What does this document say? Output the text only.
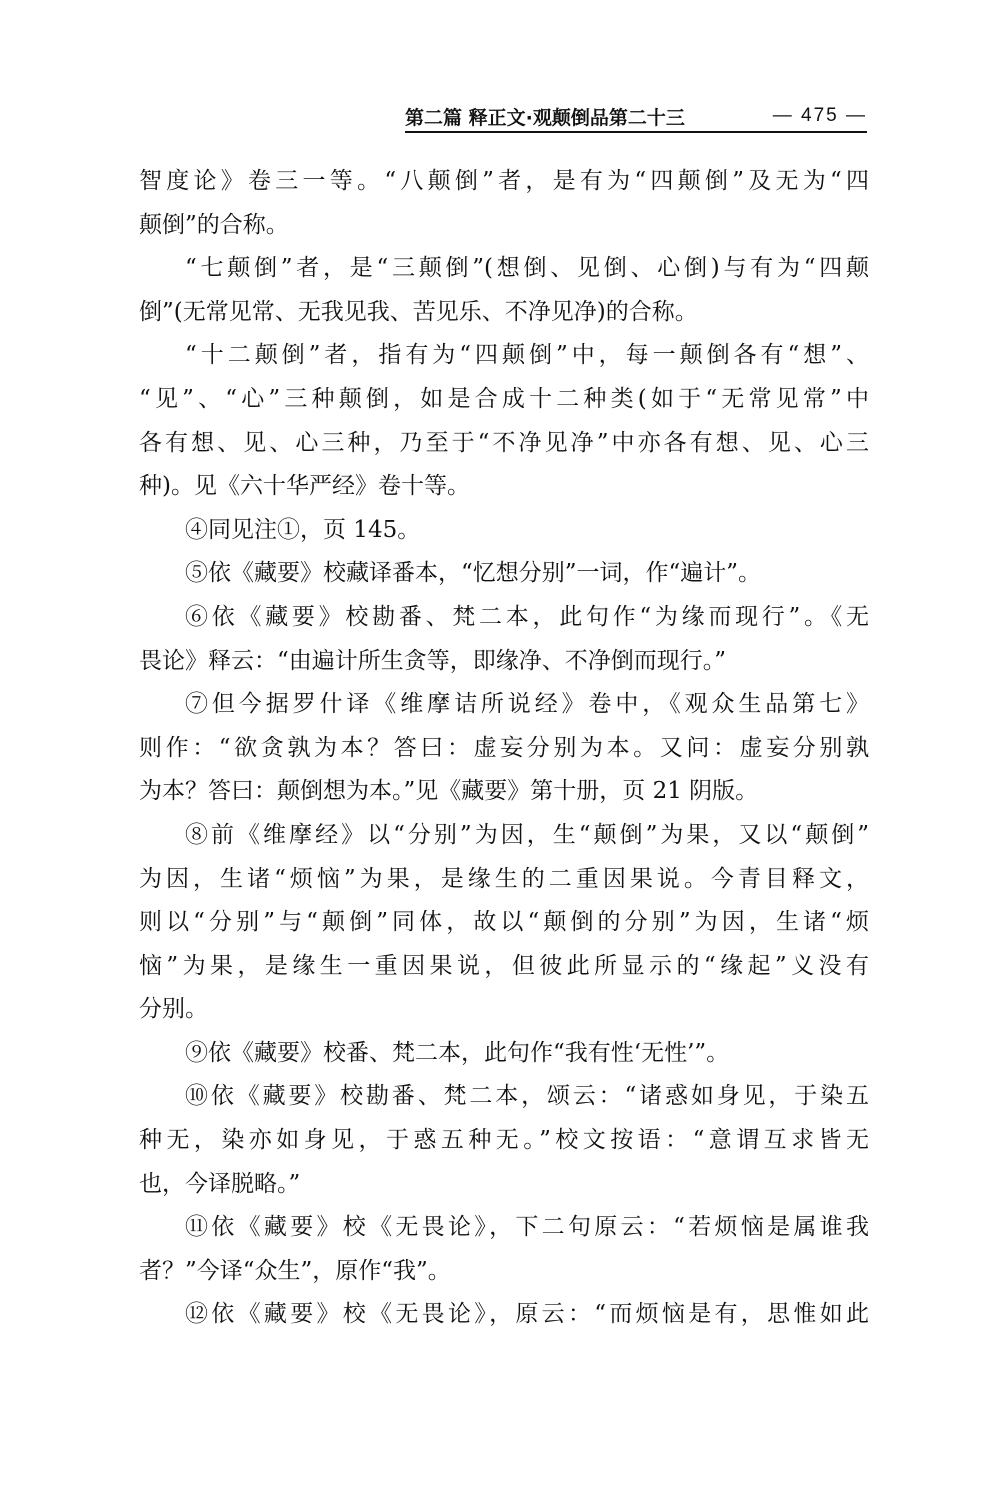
第二篇 释正文·观颠倒品第二十三	— 475 —
智度论》卷三一等。“八颠倒”者，是有为“四颠倒”及无为“四
颠倒”的合称。
“七颠倒”者，是“三颠倒”(想倒、见倒、心倒)与有为“四颠
倒”(无常见常、无我见我、苦见乐、不净见净)的合称。
“十二颠倒”者，指有为“四颠倒”中，每一颠倒各有“想”、
“见”、“心”三种颠倒，如是合成十二种类(如于“无常见常”中
各有想、见、心三种，乃至于“不净见净”中亦各有想、见、心三
种)。见《六十华严经》卷十等。
④同见注①，页 145。
⑤依《藏要》校藏译番本，“忆想分别”一词，作“遍计”。
⑥依《藏要》校勘番、梵二本，此句作“为缘而现行”。《无
畏论》释云：“由遍计所生贪等，即缘净、不净倒而现行。”
⑦但今据罗什译《维摩诘所说经》卷中，《观众生品第七》
则作：“欲贪孰为本？答曰：虚妄分别为本。又问：虚妄分别孰
为本？答曰：颠倒想为本。”见《藏要》第十册，页 21 阴版。
⑧前《维摩经》以“分别”为因，生“颠倒”为果，又以“颠倒”
为因，生诸“烦恼”为果，是缘生的二重因果说。今青目释文，
则以“分别”与“颠倒”同体，故以“颠倒的分别”为因，生诸“烦
恼”为果，是缘生一重因果说，但彼此所显示的“缘起”义没有
分别。
⑨依《藏要》校番、梵二本，此句作“我有性‘无性’”。
⑩依《藏要》校勘番、梵二本，颂云：“诸惑如身见，于染五
种无，染亦如身见，于惑五种无。”校文按语：“意谓互求皆无
也，今译脱略。”
⑪依《藏要》校《无畏论》，下二句原云：“若烦恼是属谁我
者？”今译“众生”，原作“我”。
⑫依《藏要》校《无畏论》，原云：“而烦恼是有，思惟如此
